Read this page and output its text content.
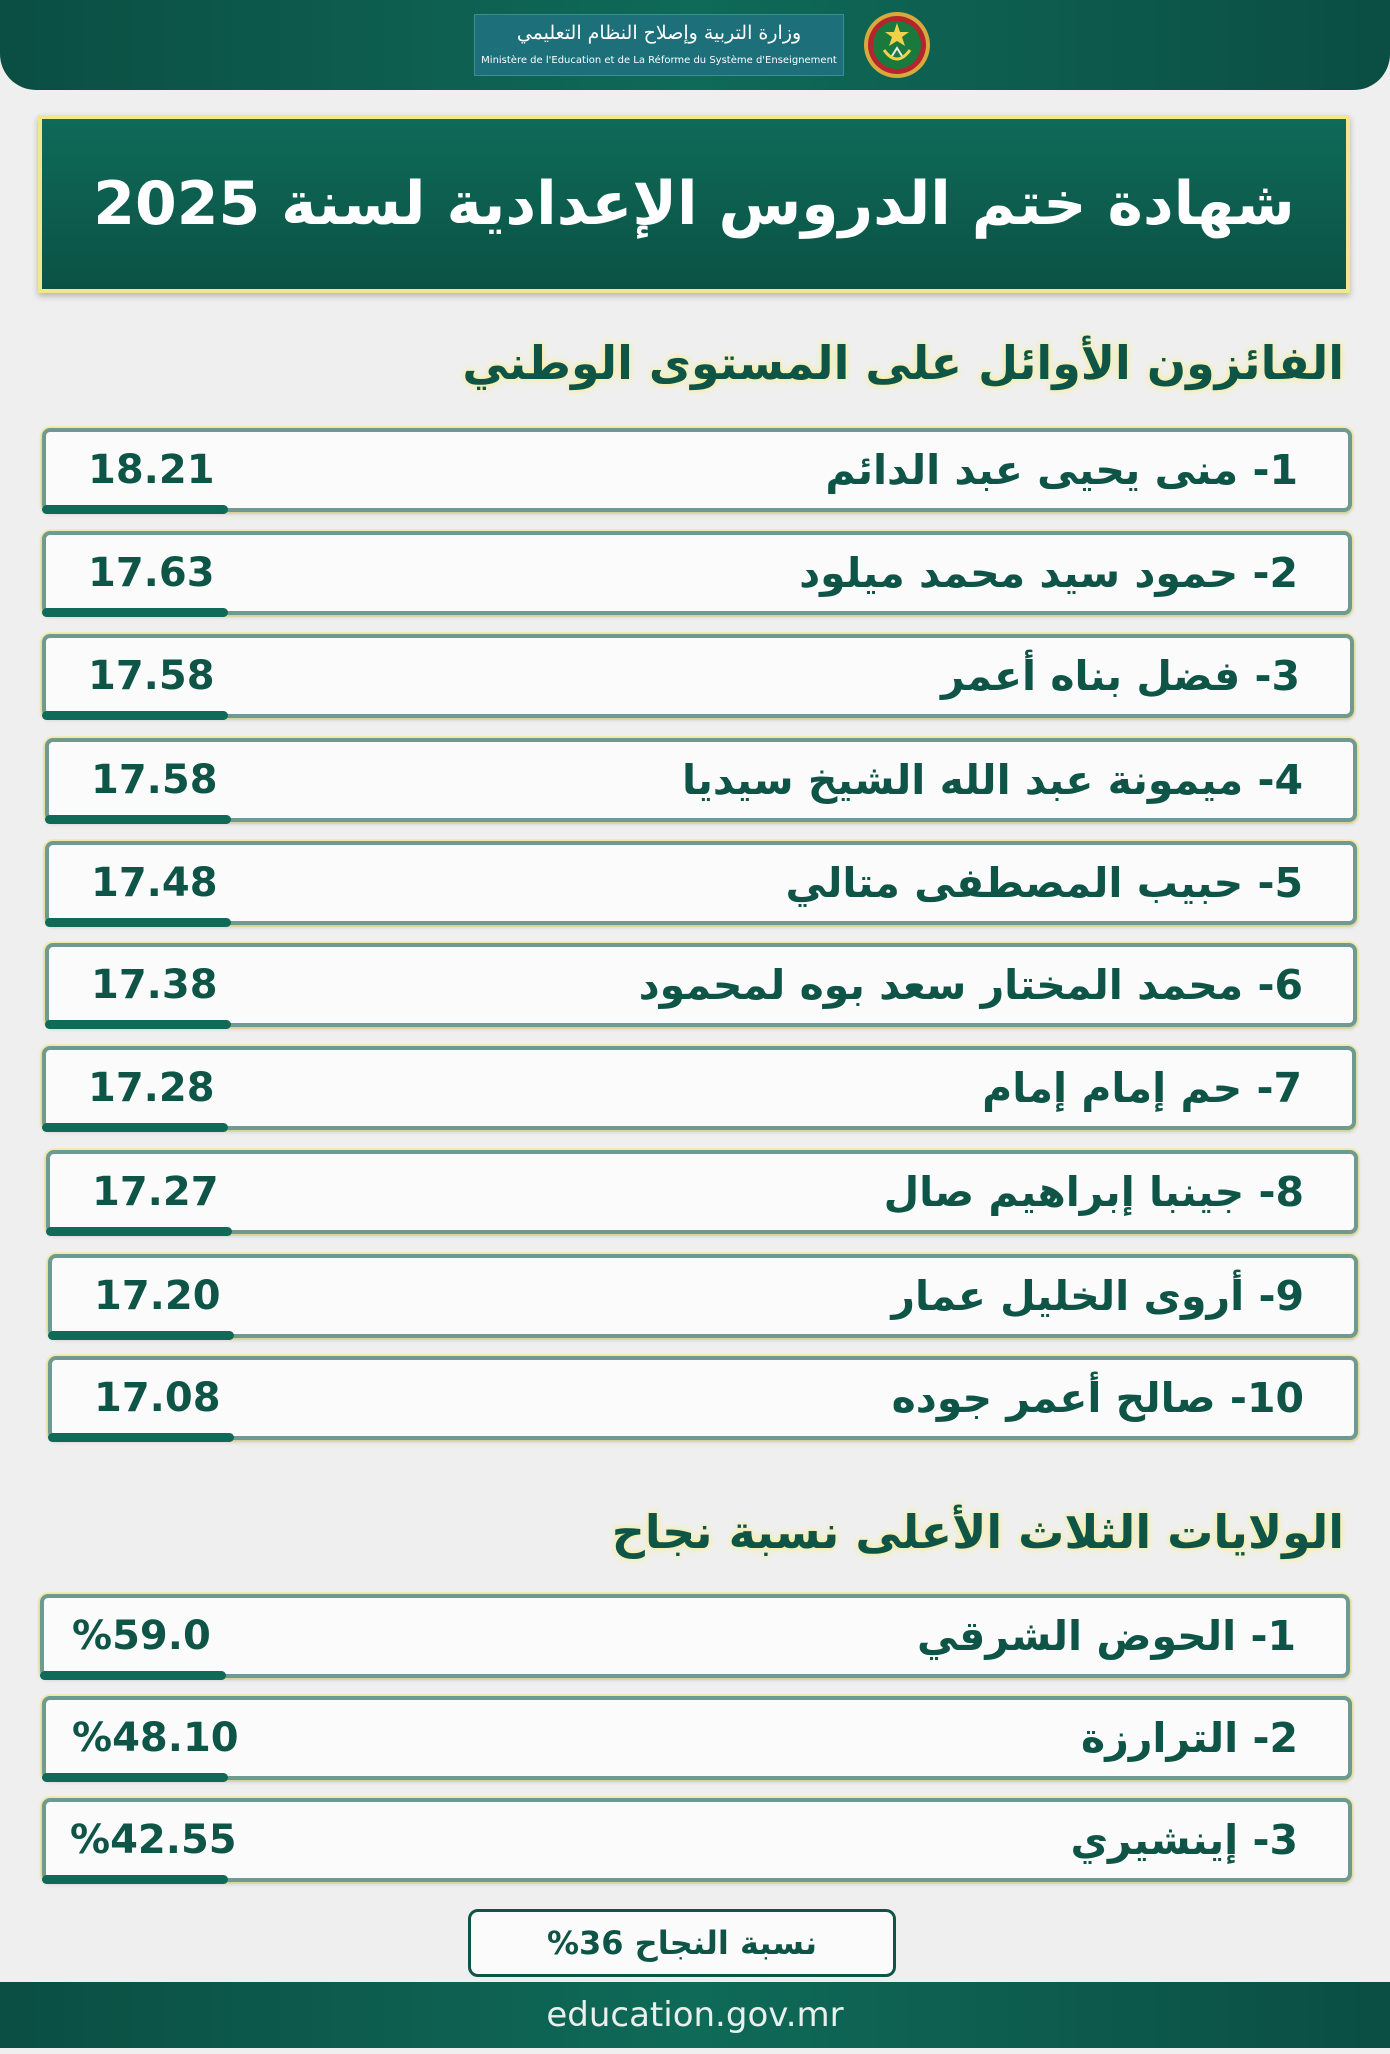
وزارة التربية وإصلاح النظام التعليمي
Ministère de l'Education et de La Réforme du Système d'Enseignement
شهادة ختم الدروس الإعدادية لسنة 2025
الفائزون الأوائل على المستوى الوطني
1- منى يحيى عبد الدائم
18.21
2- حمود سيد محمد ميلود
17.63
3- فضل بناه أعمر
17.58
4- ميمونة عبد الله الشيخ سيديا
17.58
5- حبيب المصطفى متالي
17.48
6- محمد المختار سعد بوه لمحمود
17.38
7- حم إمام إمام
17.28
8- جينبا إبراهيم صال
17.27
9- أروى الخليل عمار
17.20
10- صالح أعمر جوده
17.08
الولايات الثلاث الأعلى نسبة نجاح
1- الحوض الشرقي
%59.0
2- الترارزة
%48.10
3- إينشيري
%42.55
نسبة النجاح 36%
education.gov.mr
